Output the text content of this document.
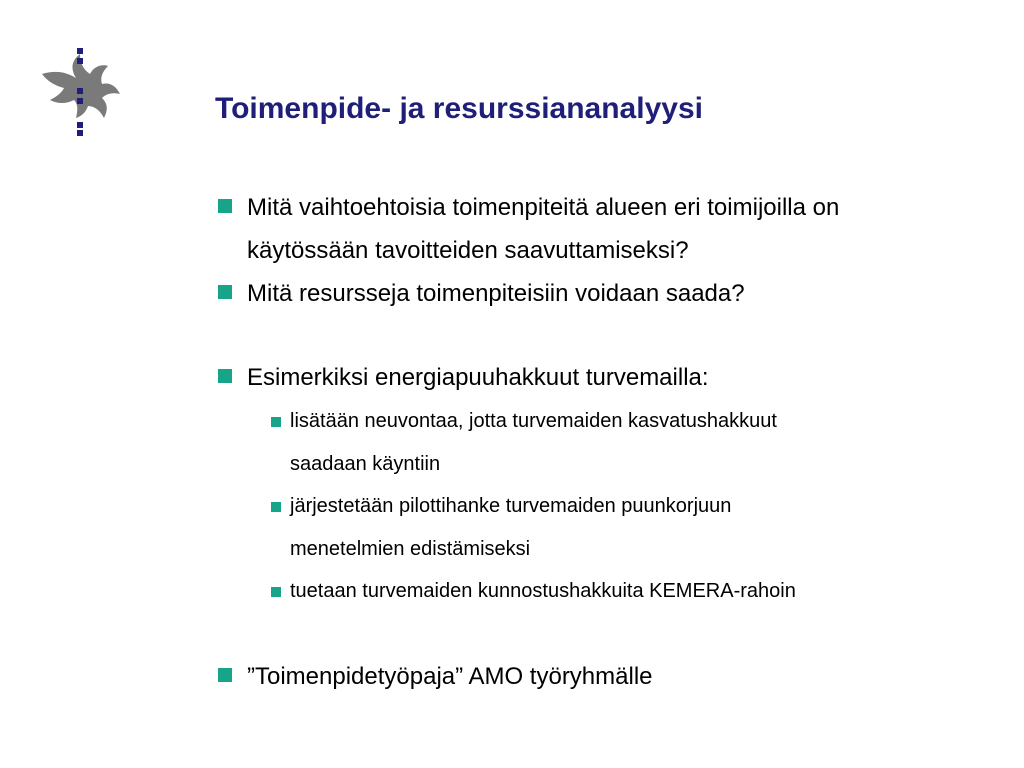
Toimenpide- ja resurssiananalyysi
Mitä vaihtoehtoisia toimenpiteitä alueen eri toimijoilla on
käytössään tavoitteiden saavuttamiseksi?
Mitä resursseja toimenpiteisiin voidaan saada?
Esimerkiksi energiapuuhakkuut turvemailla:
lisätään neuvontaa, jotta turvemaiden kasvatushakkuut
saadaan käyntiin
järjestetään pilottihanke turvemaiden puunkorjuun
menetelmien edistämiseksi
tuetaan turvemaiden kunnostushakkuita KEMERA-rahoin
”Toimenpidetyöpaja” AMO työryhmälle
